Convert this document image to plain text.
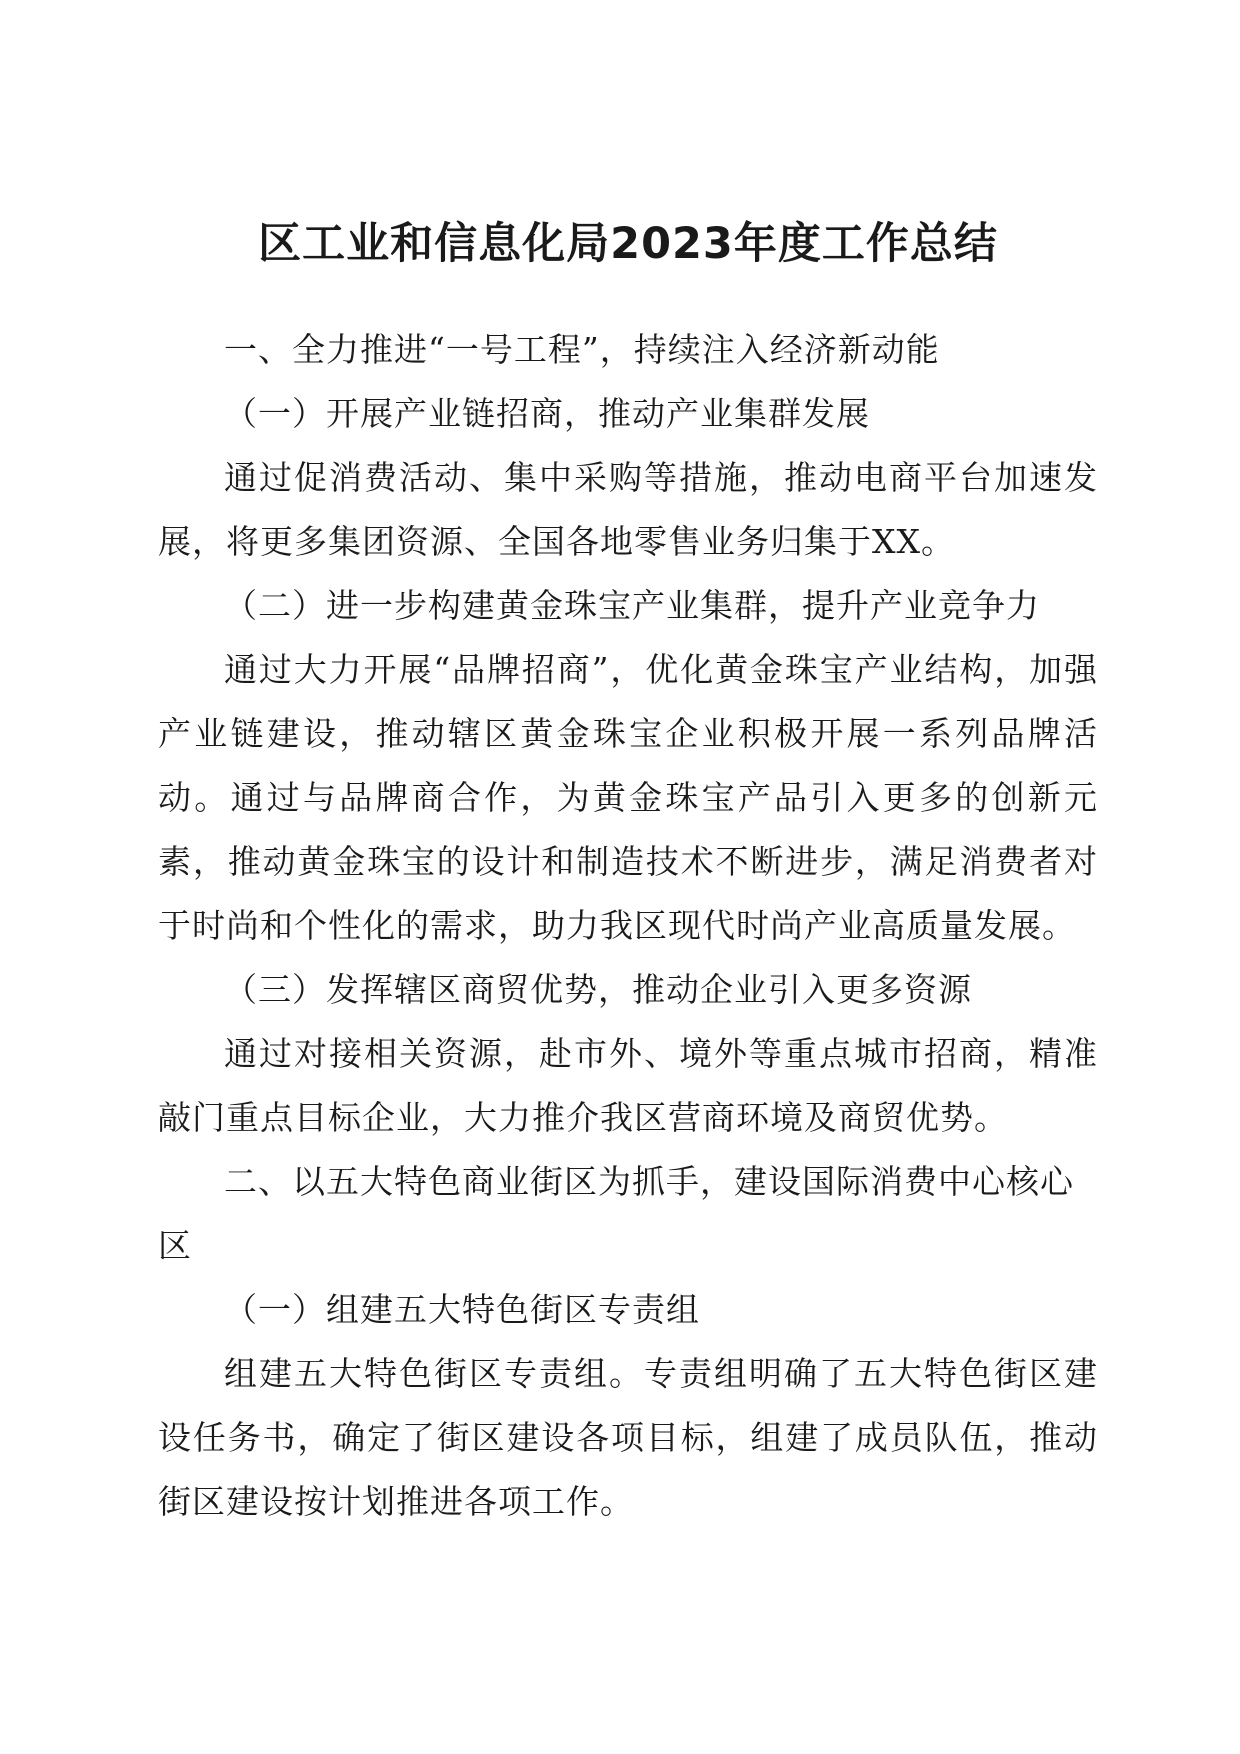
区工业和信息化局2023年度工作总结

一、全力推进“一号工程”，持续注入经济新动能

（一）开展产业链招商，推动产业集群发展

通过促消费活动、集中采购等措施，推动电商平台加速发展，将更多集团资源、全国各地零售业务归集于XX。

（二）进一步构建黄金珠宝产业集群，提升产业竞争力

通过大力开展“品牌招商”，优化黄金珠宝产业结构，加强产业链建设，推动辖区黄金珠宝企业积极开展一系列品牌活动。通过与品牌商合作，为黄金珠宝产品引入更多的创新元素，推动黄金珠宝的设计和制造技术不断进步，满足消费者对于时尚和个性化的需求，助力我区现代时尚产业高质量发展。

（三）发挥辖区商贸优势，推动企业引入更多资源

通过对接相关资源，赴市外、境外等重点城市招商，精准敲门重点目标企业，大力推介我区营商环境及商贸优势。

二、以五大特色商业街区为抓手，建设国际消费中心核心区

（一）组建五大特色街区专责组

组建五大特色街区专责组。专责组明确了五大特色街区建设任务书，确定了街区建设各项目标，组建了成员队伍，推动街区建设按计划推进各项工作。
